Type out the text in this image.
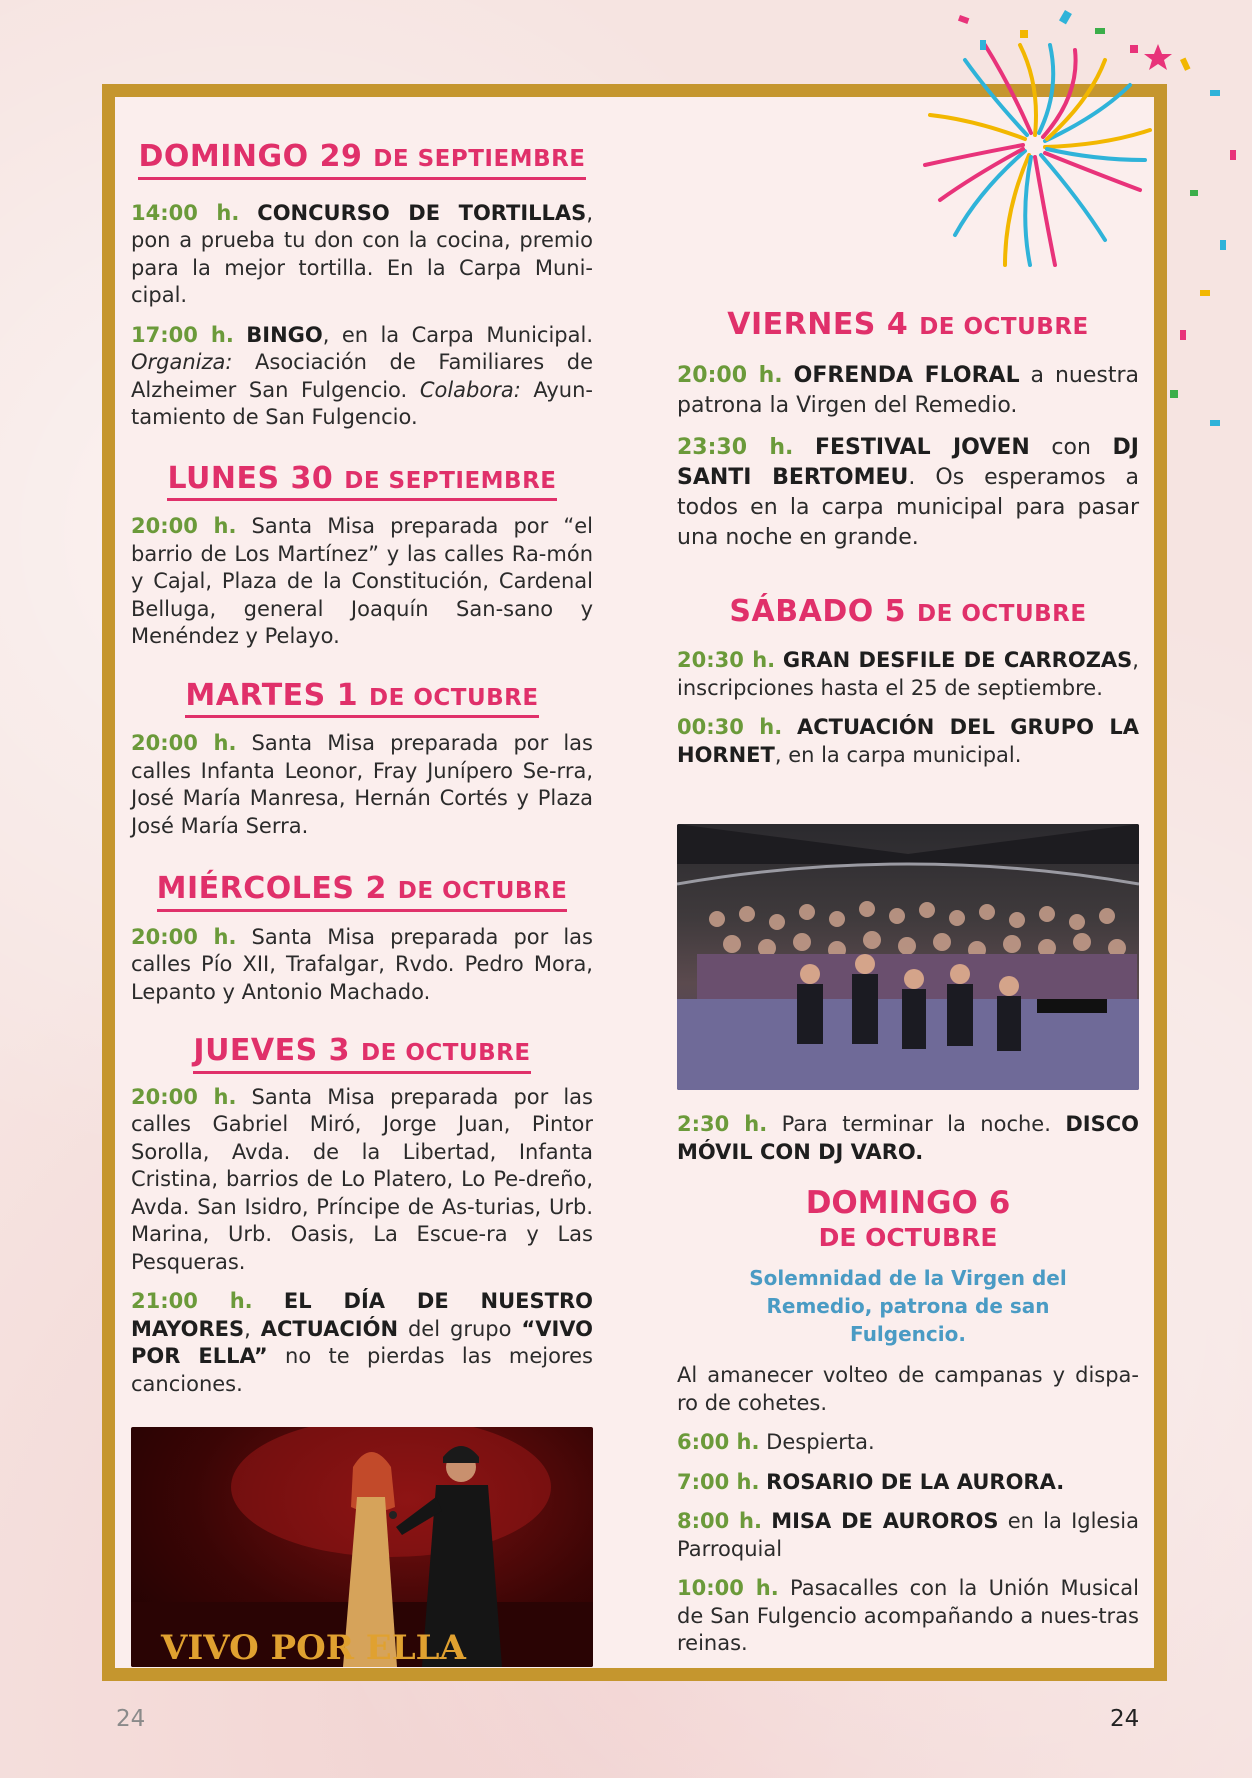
DOMINGO 29 DE SEPTIEMBRE

14:00 h. CONCURSO DE TORTILLAS, pon a prueba tu don con la cocina, premio para la mejor tortilla. En la Carpa Muni-cipal.

17:00 h. BINGO, en la Carpa Municipal. Organiza: Asociación de Familiares de Alzheimer San Fulgencio. Colabora: Ayun-tamiento de San Fulgencio.

LUNES 30 DE SEPTIEMBRE

20:00 h. Santa Misa preparada por “el barrio de Los Martínez” y las calles Ra-món y Cajal, Plaza de la Constitución, Cardenal Belluga, general Joaquín San-sano y Menéndez y Pelayo.

MARTES 1 DE OCTUBRE

20:00 h. Santa Misa preparada por las calles Infanta Leonor, Fray Junípero Se-rra, José María Manresa, Hernán Cortés y Plaza José María Serra.

MIÉRCOLES 2 DE OCTUBRE

20:00 h. Santa Misa preparada por las calles Pío XII, Trafalgar, Rvdo. Pedro Mora, Lepanto y Antonio Machado.

JUEVES 3 DE OCTUBRE

20:00 h. Santa Misa preparada por las calles Gabriel Miró, Jorge Juan, Pintor Sorolla, Avda. de la Libertad, Infanta Cristina, barrios de Lo Platero, Lo Pe-dreño, Avda. San Isidro, Príncipe de As-turias, Urb. Marina, Urb. Oasis, La Escue-ra y Las Pesqueras.

21:00 h. EL DÍA DE NUESTRO MAYORES, ACTUACIÓN del grupo “VIVO POR ELLA” no te pierdas las mejores canciones.

VIVO POR ELLA
VIERNES 4 DE OCTUBRE

20:00 h. OFRENDA FLORAL a nuestra patrona la Virgen del Remedio.

23:30 h. FESTIVAL JOVEN con DJ SANTI BERTOMEU. Os esperamos a todos en la carpa municipal para pasar una noche en grande.

SÁBADO 5 DE OCTUBRE

20:30 h. GRAN DESFILE DE CARROZAS, inscripciones hasta el 25 de septiembre.

00:30 h. ACTUACIÓN DEL GRUPO LA HORNET, en la carpa municipal.

2:30 h. Para terminar la noche. DISCO MÓVIL CON DJ VARO.

DOMINGO 6
DE OCTUBRE

Solemnidad de la Virgen del Remedio, patrona de san Fulgencio.

Al amanecer volteo de campanas y dispa-ro de cohetes.

6:00 h. Despierta.

7:00 h. ROSARIO DE LA AURORA.

8:00 h. MISA DE AUROROS en la Iglesia Parroquial

10:00 h. Pasacalles con la Unión Musical de San Fulgencio acompañando a nues-tras reinas.

24	24
